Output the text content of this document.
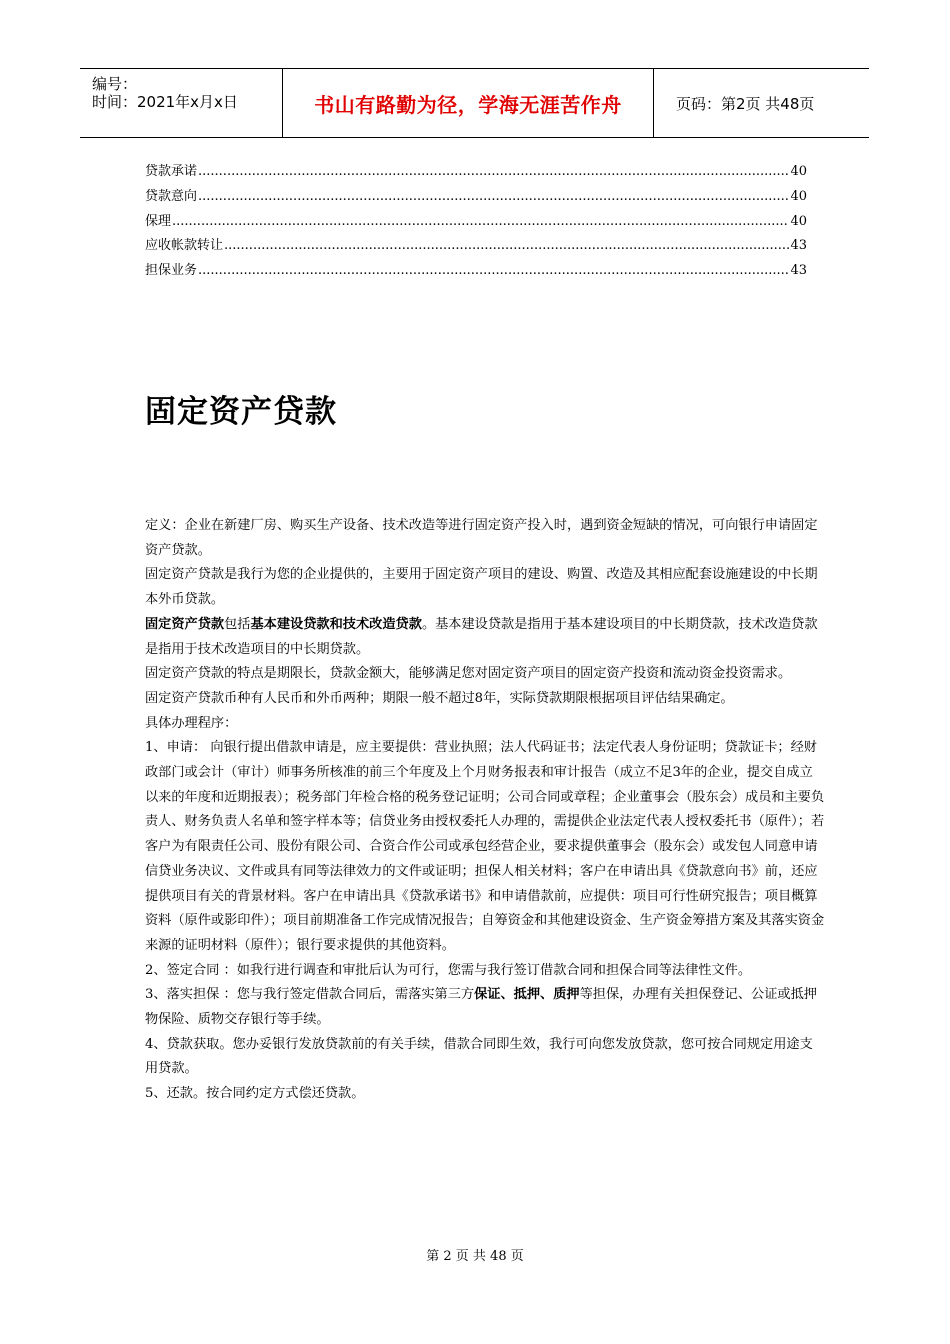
编号：
时间：2021年x月x日	书山有路勤为径，学海无涯苦作舟	页码：第2页 共48页
贷款承诺 .....	40
贷款意向 .....	40
保理 .....	40
应收帐款转让 .....	43
担保业务 .....	43
固定资产贷款

定义：企业在新建厂房、购买生产设备、技术改造等进行固定资产投入时，遇到资金短缺的情况，可向银行申请固定资产贷款。

固定资产贷款是我行为您的企业提供的，主要用于固定资产项目的建设、购置、改造及其相应配套设施建设的中长期本外币贷款。

固定资产贷款包括基本建设贷款和技术改造贷款。基本建设贷款是指用于基本建设项目的中长期贷款，技术改造贷款是指用于技术改造项目的中长期贷款。

固定资产贷款的特点是期限长，贷款金额大，能够满足您对固定资产项目的固定资产投资和流动资金投资需求。

固定资产贷款币种有人民币和外币两种；期限一般不超过8年，实际贷款期限根据项目评估结果确定。

具体办理程序：

1、申请： 向银行提出借款申请是，应主要提供：营业执照；法人代码证书；法定代表人身份证明；贷款证卡；经财政部门或会计（审计）师事务所核准的前三个年度及上个月财务报表和审计报告（成立不足3年的企业，提交自成立以来的年度和近期报表）；税务部门年检合格的税务登记证明；公司合同或章程；企业董事会（股东会）成员和主要负责人、财务负责人名单和签字样本等；信贷业务由授权委托人办理的，需提供企业法定代表人授权委托书（原件）；若客户为有限责任公司、股份有限公司、合资合作公司或承包经营企业，要求提供董事会（股东会）或发包人同意申请信贷业务决议、文件或具有同等法律效力的文件或证明；担保人相关材料；客户在申请出具《贷款意向书》前，还应提供项目有关的背景材料。客户在申请出具《贷款承诺书》和申请借款前，应提供：项目可行性研究报告；项目概算资料（原件或影印件）；项目前期准备工作完成情况报告；自筹资金和其他建设资金、生产资金筹措方案及其落实资金来源的证明材料（原件）；银行要求提供的其他资料。

2、签定合同 ：如我行进行调查和审批后认为可行，您需与我行签订借款合同和担保合同等法律性文件。

3、落实担保 ：您与我行签定借款合同后，需落实第三方保证、抵押、质押等担保，办理有关担保登记、公证或抵押物保险、质物交存银行等手续。

4、贷款获取。您办妥银行发放贷款前的有关手续，借款合同即生效，我行可向您发放贷款，您可按合同规定用途支用贷款。

5、还款。按合同约定方式偿还贷款。

第 2 页 共 48 页
